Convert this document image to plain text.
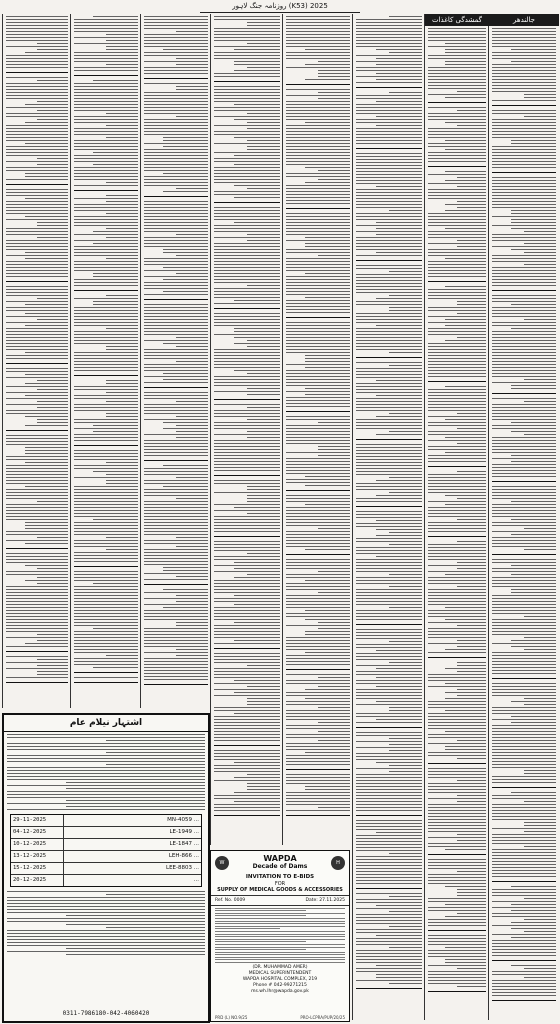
روزنامہ جنگ لاہور (K53) 2025
جالندھر
گمشدگی کاغذات
اشتہار نیلام عام
29-11-2025	MN-4059 ...
04-12-2025	LE-1949 ...
10-12-2025	LE-1847 ...
13-12-2025	LEH-866 ...
15-12-2025	LEE-8803 ...
20-12-2025	...
0311-7986180-042-4060420
W	WAPDA
Decade of Dams
H
INVITATION TO E-BIDS
FOR
SUPPLY OF MEDICAL GOODS & ACCESSORIES
Ref. No. 0009	Date: 27.11.2025
(DR. MUHAMMAD AMER)
MEDICAL SUPERINTENDENT
WAPDA HOSPITAL COMPLEX, 219
Phone # 042-99271215
ms.wh.lhr@wapda.gov.pk
PRD (L) NO.9/25	PRO-LCPRA/PUP/20/25
